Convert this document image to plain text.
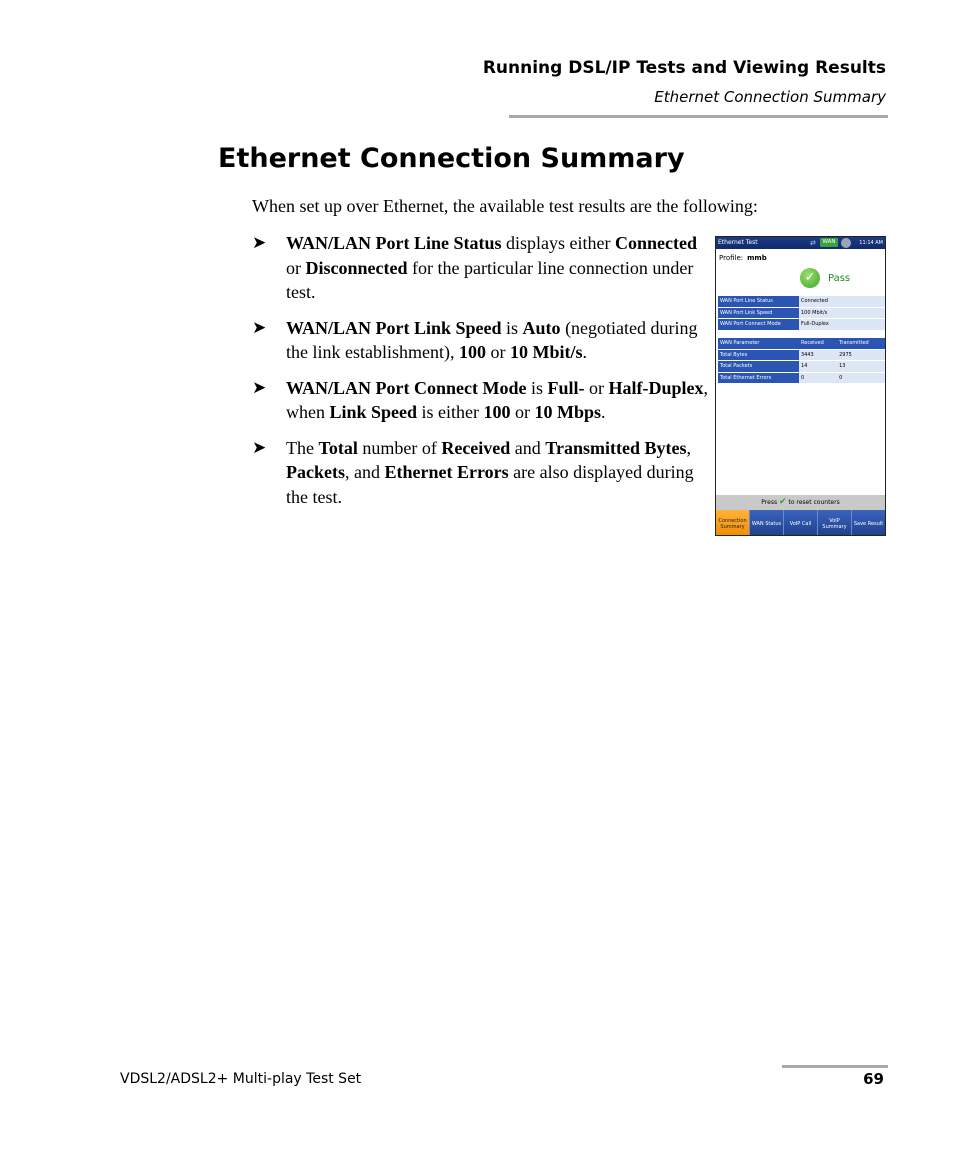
Running DSL/IP Tests and Viewing Results
Ethernet Connection Summary
Ethernet Connection Summary

When set up over Ethernet, the available test results are the following:

➤ WAN/LAN Port Line Status displays either Connected or Disconnected for the particular line connection under test.
➤ WAN/LAN Port Link Speed is Auto (negotiated during the link establishment), 100 or 10 Mbit/s.
➤ WAN/LAN Port Connect Mode is Full- or Half-Duplex, when Link Speed is either 100 or 10 Mbps.
➤ The Total number of Received and Transmitted Bytes, Packets, and Ethernet Errors are also displayed during the test.
Ethernet Test	⇄	WAN	11:14 AM
Profile: mmb
✓	Pass
WAN Port Line Status	Connected
WAN Port Link Speed	100 Mbit/s
WAN Port Connect Mode	Full-Duplex
WAN Parameter	Received	Transmitted
Total Bytes	3443	2975
Total Packets	14	13
Total Ethernet Errors	0	0
Press ✔ to reset counters
Connection Summary	WAN Status	VoIP Call	VoIP Summary	Save Result
VDSL2/ADSL2+ Multi-play Test Set	69
